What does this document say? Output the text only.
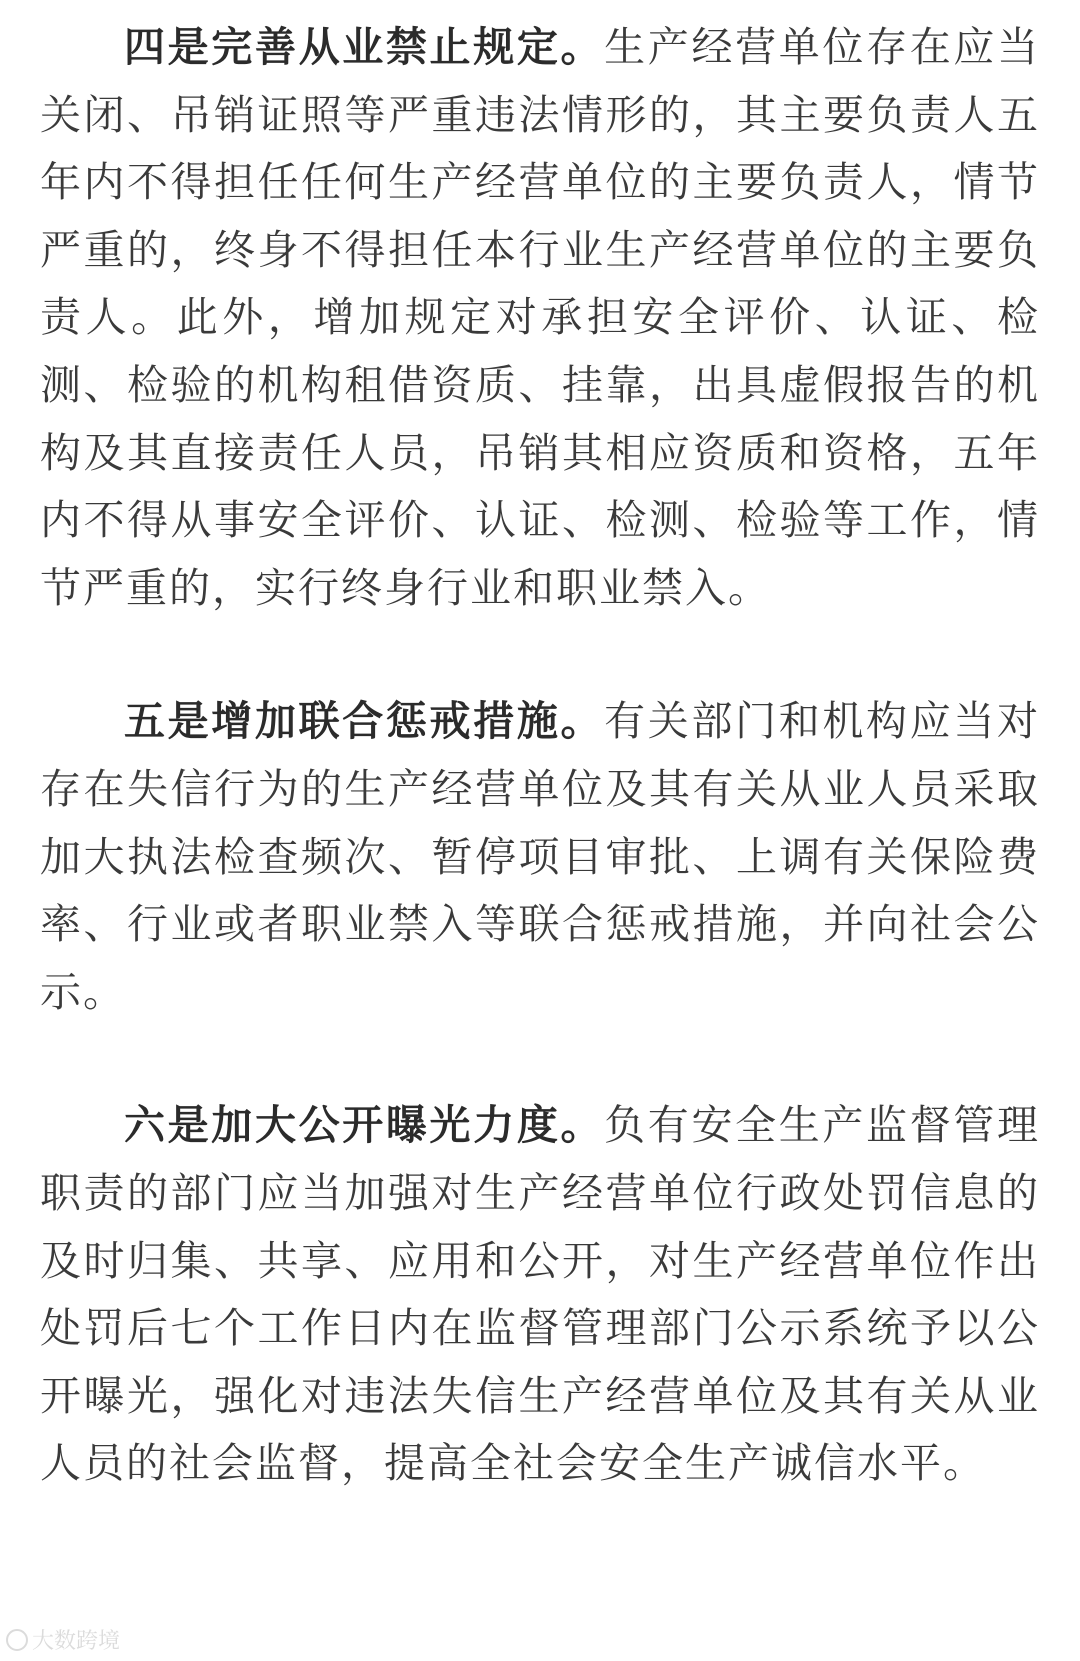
四是完善从业禁止规定。生产经营单位存在应当关闭、吊销证照等严重违法情形的，其主要负责人五年内不得担任任何生产经营单位的主要负责人，情节严重的，终身不得担任本行业生产经营单位的主要负责人。此外，增加规定对承担安全评价、认证、检测、检验的机构租借资质、挂靠，出具虚假报告的机构及其直接责任人员，吊销其相应资质和资格，五年内不得从事安全评价、认证、检测、检验等工作，情节严重的，实行终身行业和职业禁入。

五是增加联合惩戒措施。有关部门和机构应当对存在失信行为的生产经营单位及其有关从业人员采取加大执法检查频次、暂停项目审批、上调有关保险费率、行业或者职业禁入等联合惩戒措施，并向社会公示。

六是加大公开曝光力度。负有安全生产监督管理职责的部门应当加强对生产经营单位行政处罚信息的及时归集、共享、应用和公开，对生产经营单位作出处罚后七个工作日内在监督管理部门公示系统予以公开曝光，强化对违法失信生产经营单位及其有关从业人员的社会监督，提高全社会安全生产诚信水平。

大数跨境
